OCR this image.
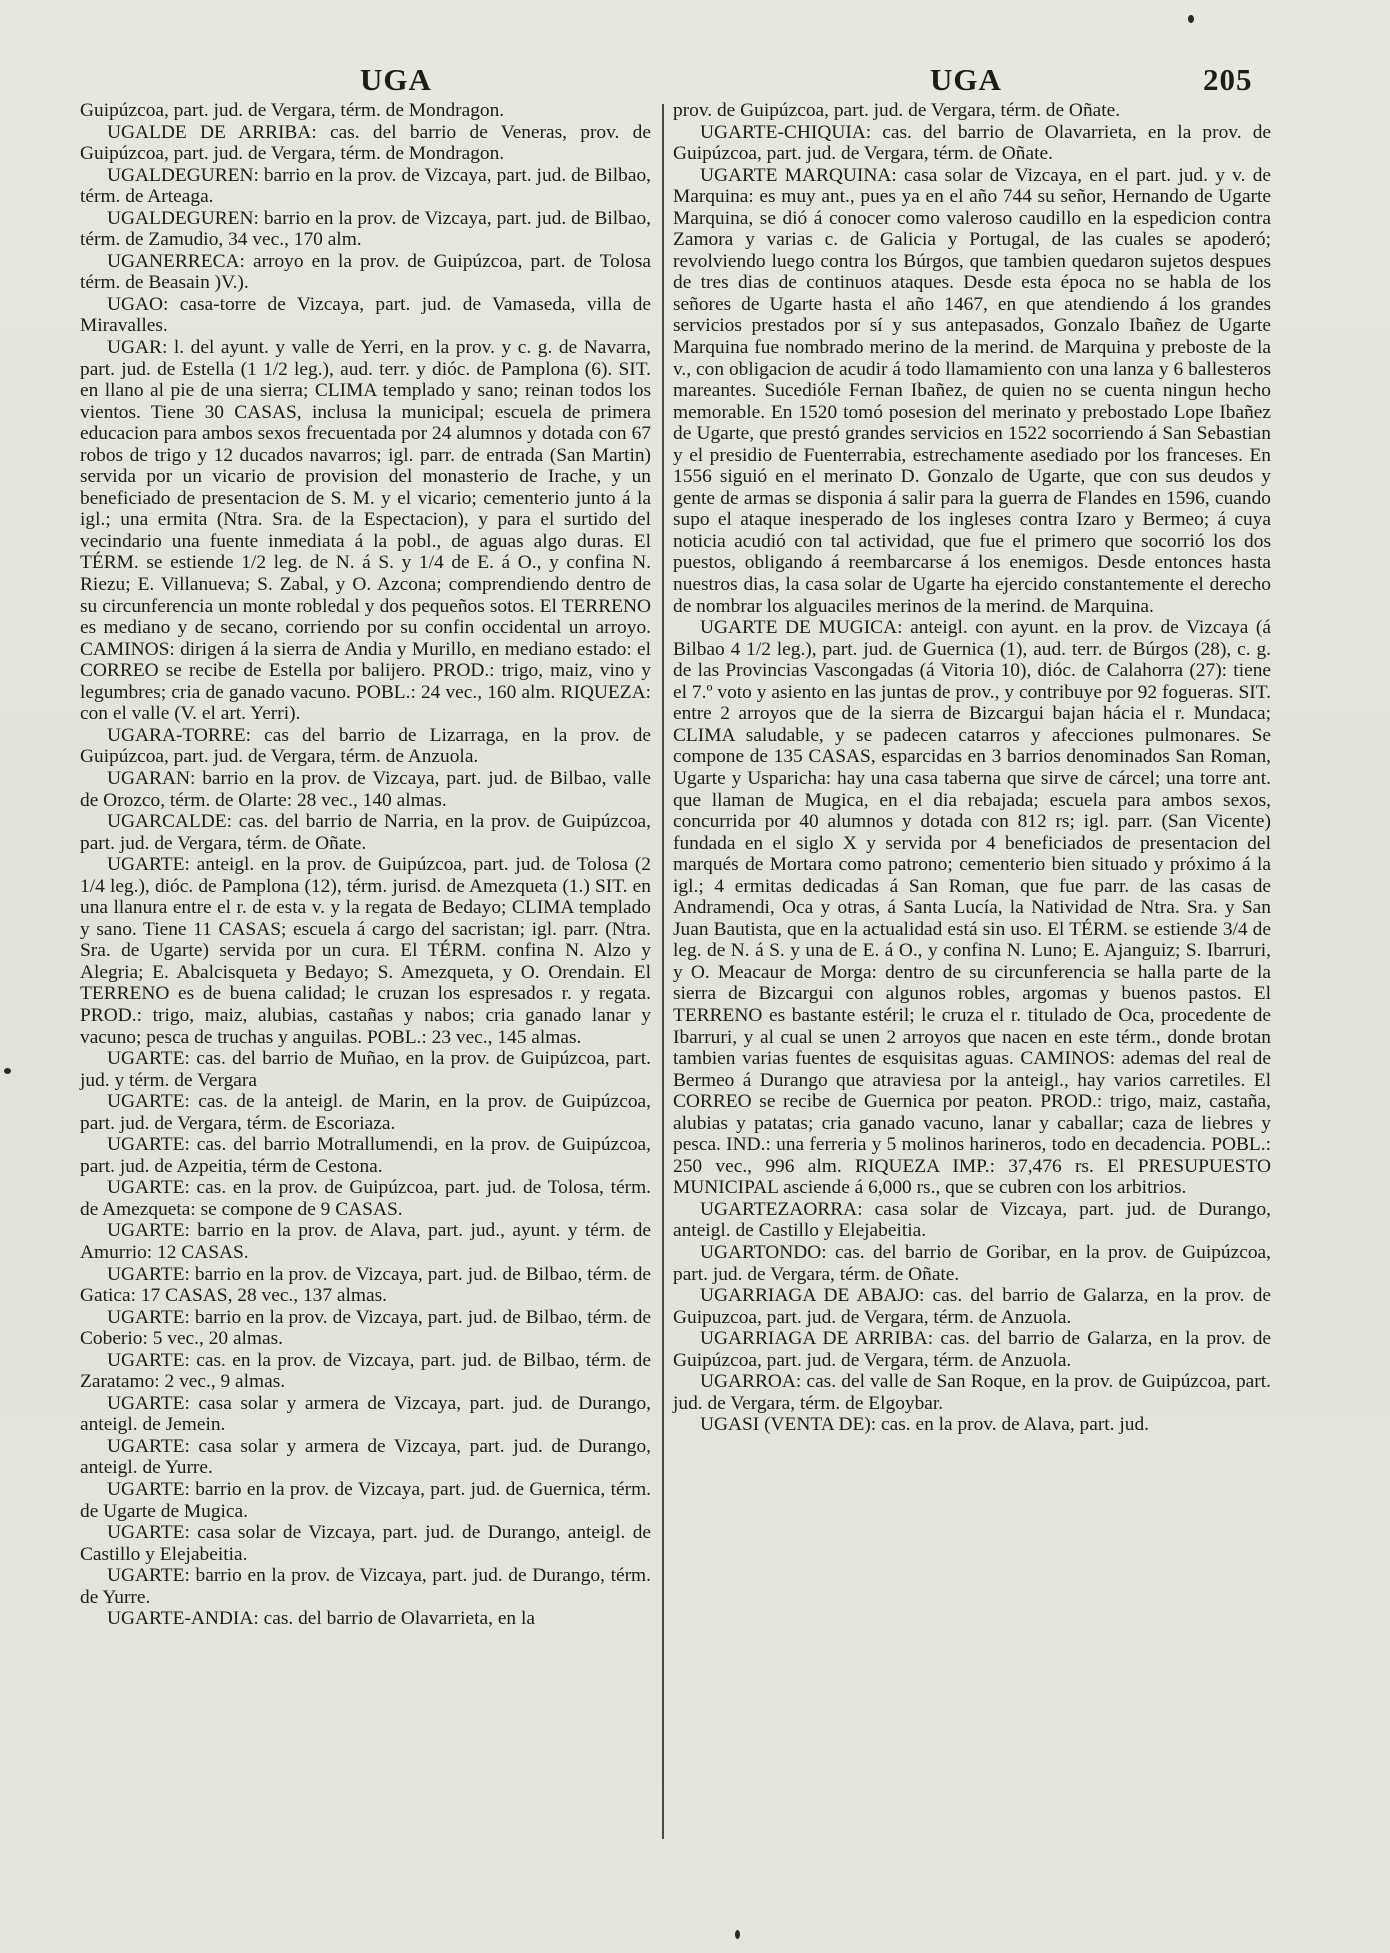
UGA	UGA	205

Guipúzcoa, part. jud. de Vergara, térm. de Mondragon.

UGALDE DE ARRIBA: cas. del barrio de Veneras, prov. de Guipúzcoa, part. jud. de Vergara, térm. de Mondragon.

UGALDEGUREN: barrio en la prov. de Vizcaya, part. jud. de Bilbao, térm. de Arteaga.

UGALDEGUREN: barrio en la prov. de Vizcaya, part. jud. de Bilbao, térm. de Zamudio, 34 vec., 170 alm.

UGANERRECA: arroyo en la prov. de Guipúzcoa, part. de Tolosa térm. de Beasain )V.).

UGAO: casa-torre de Vizcaya, part. jud. de Vamaseda, villa de Miravalles.

UGAR: l. del ayunt. y valle de Yerri, en la prov. y c. g. de Navarra, part. jud. de Estella (1 1/2 leg.), aud. terr. y dióc. de Pamplona (6). SIT. en llano al pie de una sierra; CLIMA templado y sano; reinan todos los vientos. Tiene 30 CASAS, inclusa la municipal; escuela de primera educacion para ambos sexos frecuentada por 24 alumnos y dotada con 67 robos de trigo y 12 ducados navarros; igl. parr. de entrada (San Martin) servida por un vicario de provision del monasterio de Irache, y un beneficiado de presentacion de S. M. y el vicario; cementerio junto á la igl.; una ermita (Ntra. Sra. de la Espectacion), y para el surtido del vecindario una fuente inmediata á la pobl., de aguas algo duras. El TÉRM. se estiende 1/2 leg. de N. á S. y 1/4 de E. á O., y confina N. Riezu; E. Villanueva; S. Zabal, y O. Azcona; comprendiendo dentro de su circunferencia un monte robledal y dos pequeños sotos. El TERRENO es mediano y de secano, corriendo por su confin occidental un arroyo. CAMINOS: dirigen á la sierra de Andia y Murillo, en mediano estado: el CORREO se recibe de Estella por balijero. PROD.: trigo, maiz, vino y legumbres; cria de ganado vacuno. POBL.: 24 vec., 160 alm. RIQUEZA: con el valle (V. el art. Yerri).

UGARA-TORRE: cas del barrio de Lizarraga, en la prov. de Guipúzcoa, part. jud. de Vergara, térm. de Anzuola.

UGARAN: barrio en la prov. de Vizcaya, part. jud. de Bilbao, valle de Orozco, térm. de Olarte: 28 vec., 140 almas.

UGARCALDE: cas. del barrio de Narria, en la prov. de Guipúzcoa, part. jud. de Vergara, térm. de Oñate.

UGARTE: anteigl. en la prov. de Guipúzcoa, part. jud. de Tolosa (2 1/4 leg.), dióc. de Pamplona (12), térm. jurisd. de Amezqueta (1.) SIT. en una llanura entre el r. de esta v. y la regata de Bedayo; CLIMA templado y sano. Tiene 11 CASAS; escuela á cargo del sacristan; igl. parr. (Ntra. Sra. de Ugarte) servida por un cura. El TÉRM. confina N. Alzo y Alegria; E. Abalcisqueta y Bedayo; S. Amezqueta, y O. Orendain. El TERRENO es de buena calidad; le cruzan los espresados r. y regata. PROD.: trigo, maiz, alubias, castañas y nabos; cria ganado lanar y vacuno; pesca de truchas y anguilas. POBL.: 23 vec., 145 almas.

UGARTE: cas. del barrio de Muñao, en la prov. de Guipúzcoa, part. jud. y térm. de Vergara

UGARTE: cas. de la anteigl. de Marin, en la prov. de Guipúzcoa, part. jud. de Vergara, térm. de Escoriaza.

UGARTE: cas. del barrio Motrallumendi, en la prov. de Guipúzcoa, part. jud. de Azpeitia, térm de Cestona.

UGARTE: cas. en la prov. de Guipúzcoa, part. jud. de Tolosa, térm. de Amezqueta: se compone de 9 CASAS.

UGARTE: barrio en la prov. de Alava, part. jud., ayunt. y térm. de Amurrio: 12 CASAS.

UGARTE: barrio en la prov. de Vizcaya, part. jud. de Bilbao, térm. de Gatica: 17 CASAS, 28 vec., 137 almas.

UGARTE: barrio en la prov. de Vizcaya, part. jud. de Bilbao, térm. de Coberio: 5 vec., 20 almas.

UGARTE: cas. en la prov. de Vizcaya, part. jud. de Bilbao, térm. de Zaratamo: 2 vec., 9 almas.

UGARTE: casa solar y armera de Vizcaya, part. jud. de Durango, anteigl. de Jemein.

UGARTE: casa solar y armera de Vizcaya, part. jud. de Durango, anteigl. de Yurre.

UGARTE: barrio en la prov. de Vizcaya, part. jud. de Guernica, térm. de Ugarte de Mugica.

UGARTE: casa solar de Vizcaya, part. jud. de Durango, anteigl. de Castillo y Elejabeitia.

UGARTE: barrio en la prov. de Vizcaya, part. jud. de Durango, térm. de Yurre.

UGARTE-ANDIA: cas. del barrio de Olavarrieta, en la

prov. de Guipúzcoa, part. jud. de Vergara, térm. de Oñate.

UGARTE-CHIQUIA: cas. del barrio de Olavarrieta, en la prov. de Guipúzcoa, part. jud. de Vergara, térm. de Oñate.

UGARTE MARQUINA: casa solar de Vizcaya, en el part. jud. y v. de Marquina: es muy ant., pues ya en el año 744 su señor, Hernando de Ugarte Marquina, se dió á conocer como valeroso caudillo en la espedicion contra Zamora y varias c. de Galicia y Portugal, de las cuales se apoderó; revolviendo luego contra los Búrgos, que tambien quedaron sujetos despues de tres dias de continuos ataques. Desde esta época no se habla de los señores de Ugarte hasta el año 1467, en que atendiendo á los grandes servicios prestados por sí y sus antepasados, Gonzalo Ibañez de Ugarte Marquina fue nombrado merino de la merind. de Marquina y preboste de la v., con obligacion de acudir á todo llamamiento con una lanza y 6 ballesteros mareantes. Sucedióle Fernan Ibañez, de quien no se cuenta ningun hecho memorable. En 1520 tomó posesion del merinato y prebostado Lope Ibañez de Ugarte, que prestó grandes servicios en 1522 socorriendo á San Sebastian y el presidio de Fuenterrabia, estrechamente asediado por los franceses. En 1556 siguió en el merinato D. Gonzalo de Ugarte, que con sus deudos y gente de armas se disponia á salir para la guerra de Flandes en 1596, cuando supo el ataque inesperado de los ingleses contra Izaro y Bermeo; á cuya noticia acudió con tal actividad, que fue el primero que socorrió los dos puestos, obligando á reembarcarse á los enemigos. Desde entonces hasta nuestros dias, la casa solar de Ugarte ha ejercido constantemente el derecho de nombrar los alguaciles merinos de la merind. de Marquina.

UGARTE DE MUGICA: anteigl. con ayunt. en la prov. de Vizcaya (á Bilbao 4 1/2 leg.), part. jud. de Guernica (1), aud. terr. de Búrgos (28), c. g. de las Provincias Vascongadas (á Vitoria 10), dióc. de Calahorra (27): tiene el 7.º voto y asiento en las juntas de prov., y contribuye por 92 fogueras. SIT. entre 2 arroyos que de la sierra de Bizcargui bajan hácia el r. Mundaca; CLIMA saludable, y se padecen catarros y afecciones pulmonares. Se compone de 135 CASAS, esparcidas en 3 barrios denominados San Roman, Ugarte y Usparicha: hay una casa taberna que sirve de cárcel; una torre ant. que llaman de Mugica, en el dia rebajada; escuela para ambos sexos, concurrida por 40 alumnos y dotada con 812 rs; igl. parr. (San Vicente) fundada en el siglo X y servida por 4 beneficiados de presentacion del marqués de Mortara como patrono; cementerio bien situado y próximo á la igl.; 4 ermitas dedicadas á San Roman, que fue parr. de las casas de Andramendi, Oca y otras, á Santa Lucía, la Natividad de Ntra. Sra. y San Juan Bautista, que en la actualidad está sin uso. El TÉRM. se estiende 3/4 de leg. de N. á S. y una de E. á O., y confina N. Luno; E. Ajanguiz; S. Ibarruri, y O. Meacaur de Morga: dentro de su circunferencia se halla parte de la sierra de Bizcargui con algunos robles, argomas y buenos pastos. El TERRENO es bastante estéril; le cruza el r. titulado de Oca, procedente de Ibarruri, y al cual se unen 2 arroyos que nacen en este térm., donde brotan tambien varias fuentes de esquisitas aguas. CAMINOS: ademas del real de Bermeo á Durango que atraviesa por la anteigl., hay varios carretiles. El CORREO se recibe de Guernica por peaton. PROD.: trigo, maiz, castaña, alubias y patatas; cria ganado vacuno, lanar y caballar; caza de liebres y pesca. IND.: una ferreria y 5 molinos harineros, todo en decadencia. POBL.: 250 vec., 996 alm. RIQUEZA IMP.: 37,476 rs. El PRESUPUESTO MUNICIPAL asciende á 6,000 rs., que se cubren con los arbitrios.

UGARTEZAORRA: casa solar de Vizcaya, part. jud. de Durango, anteigl. de Castillo y Elejabeitia.

UGARTONDO: cas. del barrio de Goribar, en la prov. de Guipúzcoa, part. jud. de Vergara, térm. de Oñate.

UGARRIAGA DE ABAJO: cas. del barrio de Galarza, en la prov. de Guipuzcoa, part. jud. de Vergara, térm. de Anzuola.

UGARRIAGA DE ARRIBA: cas. del barrio de Galarza, en la prov. de Guipúzcoa, part. jud. de Vergara, térm. de Anzuola.

UGARROA: cas. del valle de San Roque, en la prov. de Guipúzcoa, part. jud. de Vergara, térm. de Elgoybar.

UGASI (VENTA DE): cas. en la prov. de Alava, part. jud.
